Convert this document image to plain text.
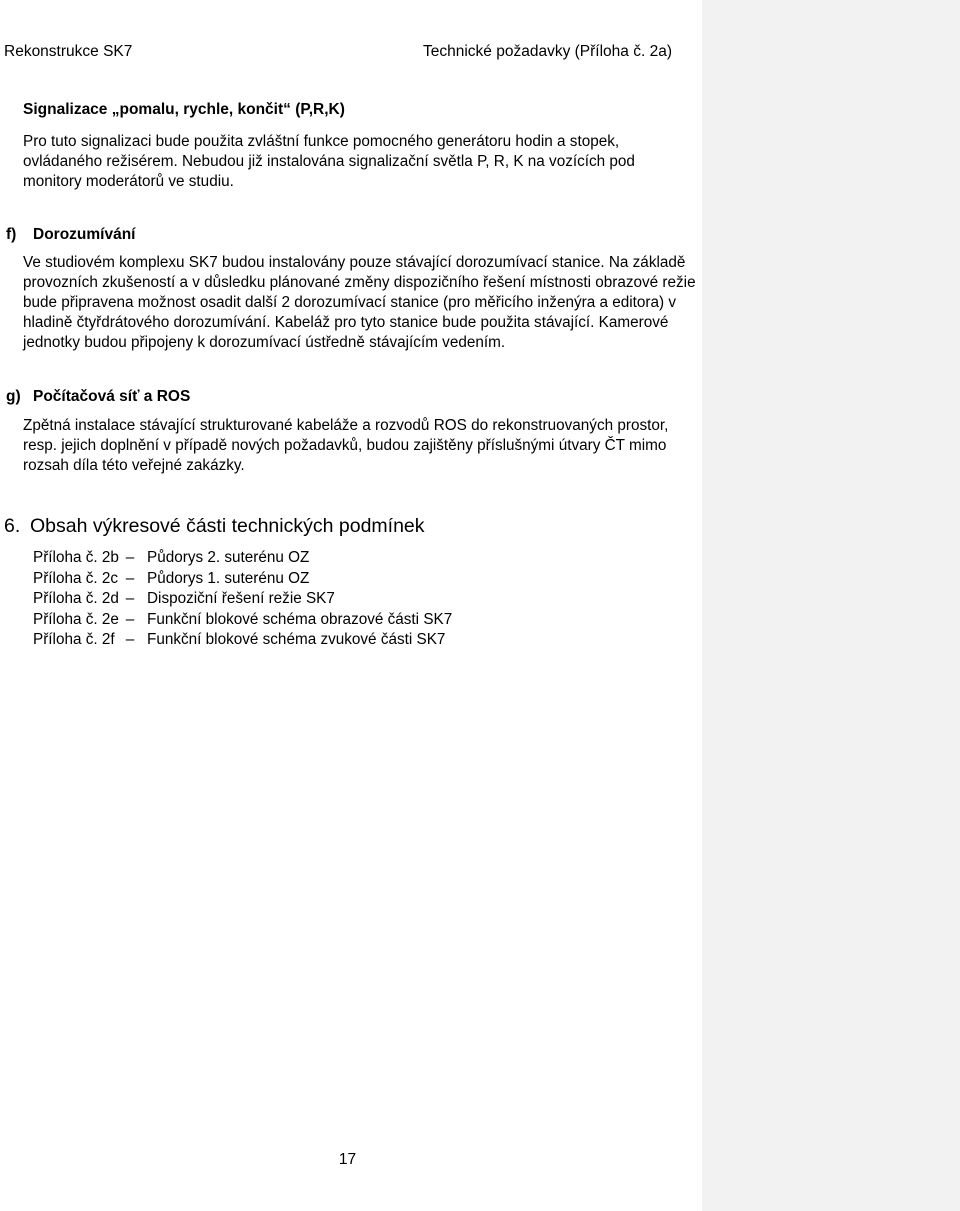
Rekonstrukce SK7	Technické požadavky (Příloha č. 2a)

Signalizace „pomalu, rychle, končit“ (P,R,K)

Pro tuto signalizaci bude použita zvláštní funkce pomocného generátoru hodin a stopek, ovládaného režisérem. Nebudou již instalována signalizační světla P, R, K na vozících pod monitory moderátorů ve studiu.

f) Dorozumívání

Ve studiovém komplexu SK7 budou instalovány pouze stávající dorozumívací stanice. Na základě provozních zkušeností a v důsledku plánované změny dispozičního řešení místnosti obrazové režie bude připravena možnost osadit další 2 dorozumívací stanice (pro měřicího inženýra a editora) v hladině čtyřdrátového dorozumívání. Kabeláž pro tyto stanice bude použita stávající. Kamerové jednotky budou připojeny k dorozumívací ústředně stávajícím vedením.

g) Počítačová síť a ROS

Zpětná instalace stávající strukturované kabeláže a rozvodů ROS do rekonstruovaných prostor, resp. jejich doplnění v případě nových požadavků, budou zajištěny příslušnými útvary ČT mimo rozsah díla této veřejné zakázky.

6. Obsah výkresové části technických podmínek
Příloha č. 2b – Půdorys 2. suterénu OZ
Příloha č. 2c – Půdorys 1. suterénu OZ
Příloha č. 2d – Dispoziční řešení režie SK7
Příloha č. 2e – Funkční blokové schéma obrazové části SK7
Příloha č. 2f – Funkční blokové schéma zvukové části SK7
17
